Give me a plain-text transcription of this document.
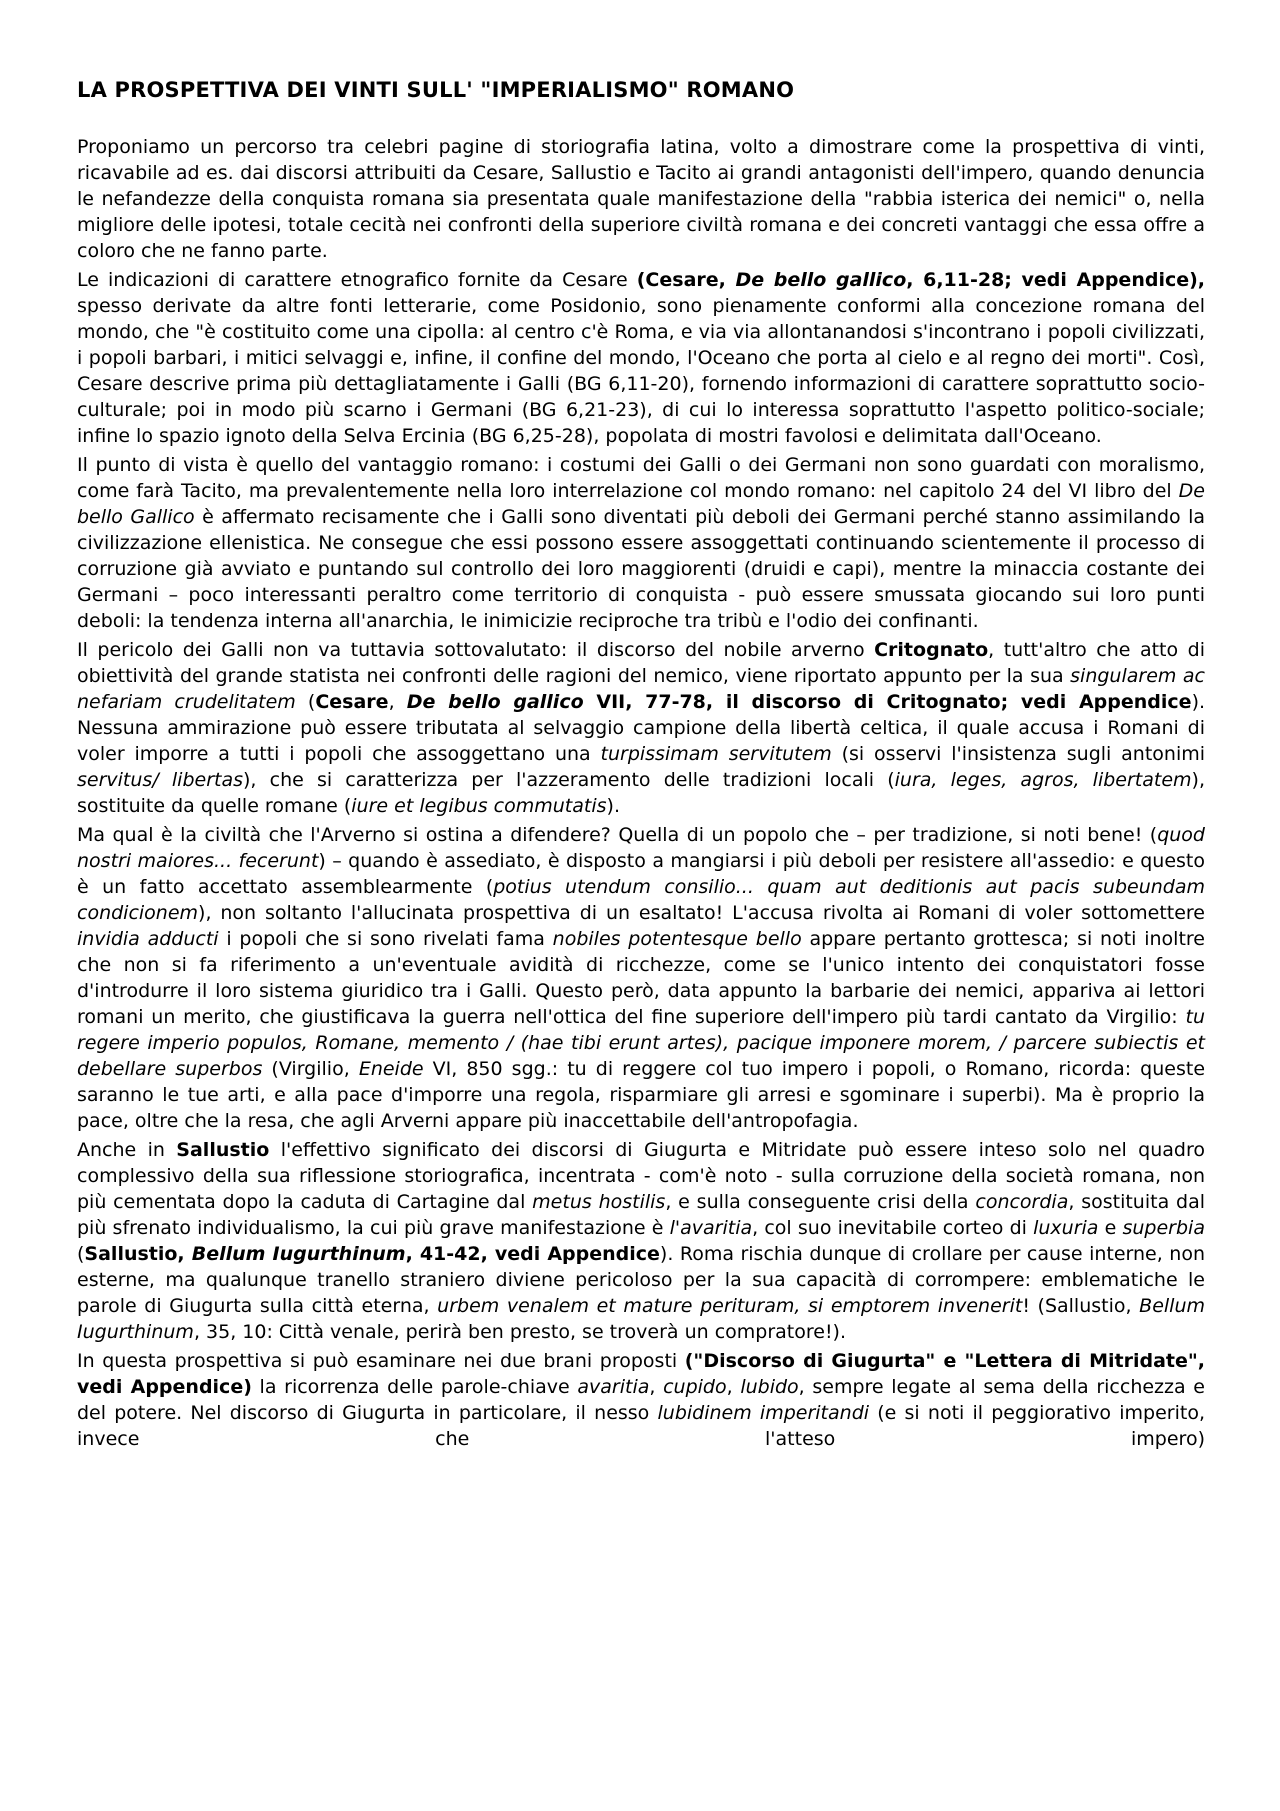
LA PROSPETTIVA DEI VINTI SULL' "IMPERIALISMO" ROMANO

Proponiamo un percorso tra celebri pagine di storiografia latina, volto a dimostrare come la prospettiva di vinti, ricavabile ad es. dai discorsi attribuiti da Cesare, Sallustio e Tacito ai grandi antagonisti dell'impero, quando denuncia le nefandezze della conquista romana sia presentata quale manifestazione della "rabbia isterica dei nemici" o, nella migliore delle ipotesi, totale cecità nei confronti della superiore civiltà romana e dei concreti vantaggi che essa offre a coloro che ne fanno parte.

Le indicazioni di carattere etnografico fornite da Cesare (Cesare, De bello gallico, 6,11-28; vedi Appendice), spesso derivate da altre fonti letterarie, come Posidonio, sono pienamente conformi alla concezione romana del mondo, che "è costituito come una cipolla: al centro c'è Roma, e via via allontanandosi s'incontrano i popoli civilizzati, i popoli barbari, i mitici selvaggi e, infine, il confine del mondo, l'Oceano che porta al cielo e al regno dei morti". Così, Cesare descrive prima più dettagliatamente i Galli (BG 6,11-20), fornendo informazioni di carattere soprattutto socio-culturale; poi in modo più scarno i Germani (BG 6,21-23), di cui lo interessa soprattutto l'aspetto politico-sociale; infine lo spazio ignoto della Selva Ercinia (BG 6,25-28), popolata di mostri favolosi e delimitata dall'Oceano.

Il punto di vista è quello del vantaggio romano: i costumi dei Galli o dei Germani non sono guardati con moralismo, come farà Tacito, ma prevalentemente nella loro interrelazione col mondo romano: nel capitolo 24 del VI libro del De bello Gallico è affermato recisamente che i Galli sono diventati più deboli dei Germani perché stanno assimilando la civilizzazione ellenistica. Ne consegue che essi possono essere assoggettati continuando scientemente il processo di corruzione già avviato e puntando sul controllo dei loro maggiorenti (druidi e capi), mentre la minaccia costante dei Germani – poco interessanti peraltro come territorio di conquista - può essere smussata giocando sui loro punti deboli: la tendenza interna all'anarchia, le inimicizie reciproche tra tribù e l'odio dei confinanti.

Il pericolo dei Galli non va tuttavia sottovalutato: il discorso del nobile arverno Critognato, tutt'altro che atto di obiettività del grande statista nei confronti delle ragioni del nemico, viene riportato appunto per la sua singularem ac nefariam crudelitatem (Cesare, De bello gallico VII, 77-78, il discorso di Critognato; vedi Appendice). Nessuna ammirazione può essere tributata al selvaggio campione della libertà celtica, il quale accusa i Romani di voler imporre a tutti i popoli che assoggettano una turpissimam servitutem (si osservi l'insistenza sugli antonimi servitus/ libertas), che si caratterizza per l'azzeramento delle tradizioni locali (iura, leges, agros, libertatem), sostituite da quelle romane (iure et legibus commutatis).

Ma qual è la civiltà che l'Arverno si ostina a difendere? Quella di un popolo che – per tradizione, si noti bene! (quod nostri maiores... fecerunt) – quando è assediato, è disposto a mangiarsi i più deboli per resistere all'assedio: e questo è un fatto accettato assemblearmente (potius utendum consilio... quam aut deditionis aut pacis subeundam condicionem), non soltanto l'allucinata prospettiva di un esaltato! L'accusa rivolta ai Romani di voler sottomettere invidia adducti i popoli che si sono rivelati fama nobiles potentesque bello appare pertanto grottesca; si noti inoltre che non si fa riferimento a un'eventuale avidità di ricchezze, come se l'unico intento dei conquistatori fosse d'introdurre il loro sistema giuridico tra i Galli. Questo però, data appunto la barbarie dei nemici, appariva ai lettori romani un merito, che giustificava la guerra nell'ottica del fine superiore dell'impero più tardi cantato da Virgilio: tu regere imperio populos, Romane, memento / (hae tibi erunt artes), pacique imponere morem, / parcere subiectis et debellare superbos (Virgilio, Eneide VI, 850 sgg.: tu di reggere col tuo impero i popoli, o Romano, ricorda: queste saranno le tue arti, e alla pace d'imporre una regola, risparmiare gli arresi e sgominare i superbi). Ma è proprio la pace, oltre che la resa, che agli Arverni appare più inaccettabile dell'antropofagia.

Anche in Sallustio l'effettivo significato dei discorsi di Giugurta e Mitridate può essere inteso solo nel quadro complessivo della sua riflessione storiografica, incentrata - com'è noto - sulla corruzione della società romana, non più cementata dopo la caduta di Cartagine dal metus hostilis, e sulla conseguente crisi della concordia, sostituita dal più sfrenato individualismo, la cui più grave manifestazione è l'avaritia, col suo inevitabile corteo di luxuria e superbia (Sallustio, Bellum Iugurthinum, 41-42, vedi Appendice). Roma rischia dunque di crollare per cause interne, non esterne, ma qualunque tranello straniero diviene pericoloso per la sua capacità di corrompere: emblematiche le parole di Giugurta sulla città eterna, urbem venalem et mature perituram, si emptorem invenerit! (Sallustio, Bellum Iugurthinum, 35, 10: Città venale, perirà ben presto, se troverà un compratore!).

In questa prospettiva si può esaminare nei due brani proposti ("Discorso di Giugurta" e "Lettera di Mitridate", vedi Appendice) la ricorrenza delle parole-chiave avaritia, cupido, lubido, sempre legate al sema della ricchezza e del potere. Nel discorso di Giugurta in particolare, il nesso lubidinem imperitandi (e si noti il peggiorativo imperito, invece che l'atteso impero)
